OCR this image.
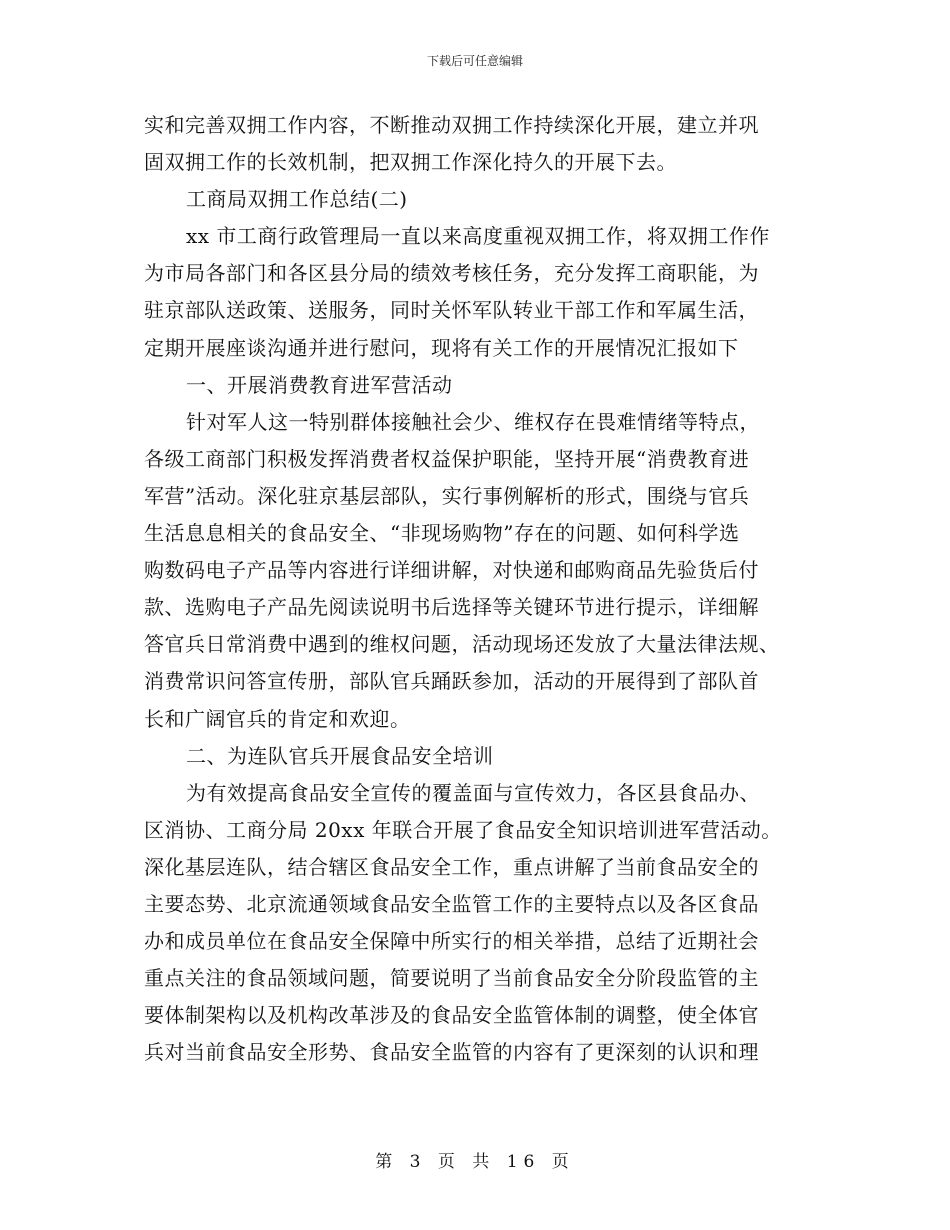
下载后可任意编辑
实和完善双拥工作内容，不断推动双拥工作持续深化开展，建立并巩
固双拥工作的长效机制，把双拥工作深化持久的开展下去。
工商局双拥工作总结(二)
xx 市工商行政管理局一直以来高度重视双拥工作，将双拥工作作
为市局各部门和各区县分局的绩效考核任务，充分发挥工商职能，为
驻京部队送政策、送服务，同时关怀军队转业干部工作和军属生活，
定期开展座谈沟通并进行慰问，现将有关工作的开展情况汇报如下
一、开展消费教育进军营活动
针对军人这一特别群体接触社会少、维权存在畏难情绪等特点，
各级工商部门积极发挥消费者权益保护职能，坚持开展“消费教育进
军营”活动。深化驻京基层部队，实行事例解析的形式，围绕与官兵
生活息息相关的食品安全、“非现场购物”存在的问题、如何科学选
购数码电子产品等内容进行详细讲解，对快递和邮购商品先验货后付
款、选购电子产品先阅读说明书后选择等关键环节进行提示，详细解
答官兵日常消费中遇到的维权问题，活动现场还发放了大量法律法规、
消费常识问答宣传册，部队官兵踊跃参加，活动的开展得到了部队首
长和广阔官兵的肯定和欢迎。
二、为连队官兵开展食品安全培训
为有效提高食品安全宣传的覆盖面与宣传效力，各区县食品办、
区消协、工商分局 20xx 年联合开展了食品安全知识培训进军营活动。
深化基层连队，结合辖区食品安全工作，重点讲解了当前食品安全的
主要态势、北京流通领域食品安全监管工作的主要特点以及各区食品
办和成员单位在食品安全保障中所实行的相关举措，总结了近期社会
重点关注的食品领域问题，简要说明了当前食品安全分阶段监管的主
要体制架构以及机构改革涉及的食品安全监管体制的调整，使全体官
兵对当前食品安全形势、食品安全监管的内容有了更深刻的认识和理
第 3 页 共 16 页
